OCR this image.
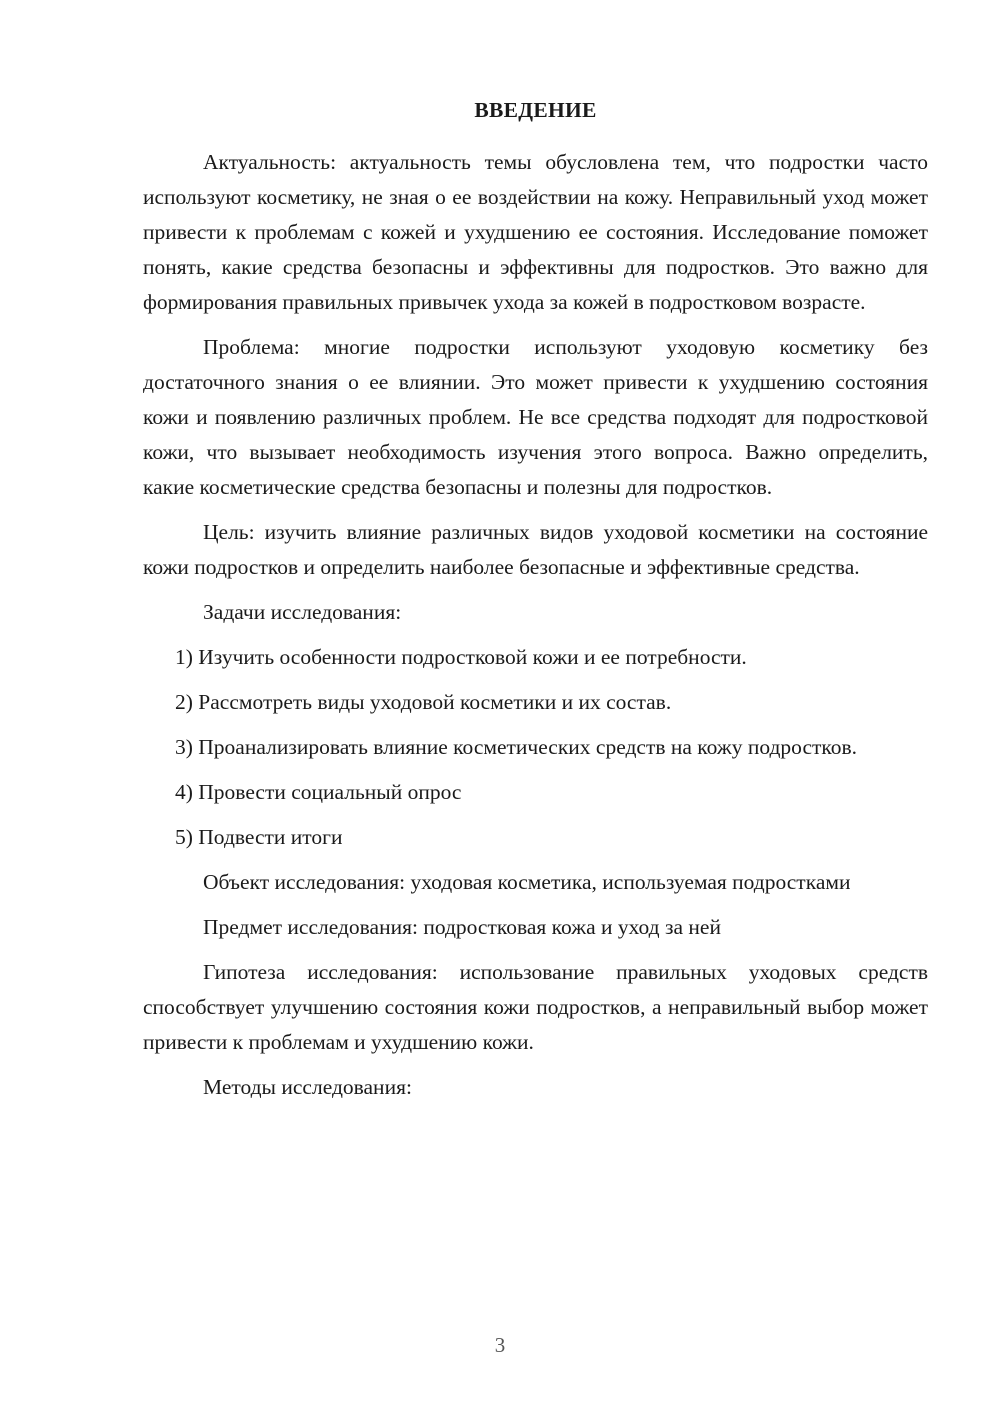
ВВЕДЕНИЕ

Актуальность: актуальность темы обусловлена тем, что подростки часто используют косметику, не зная о ее воздействии на кожу. Неправильный уход может привести к проблемам с кожей и ухудшению ее состояния. Исследование поможет понять, какие средства безопасны и эффективны для подростков. Это важно для формирования правильных привычек ухода за кожей в подростковом возрасте.

Проблема: многие подростки используют уходовую косметику без достаточного знания о ее влиянии. Это может привести к ухудшению состояния кожи и появлению различных проблем. Не все средства подходят для подростковой кожи, что вызывает необходимость изучения этого вопроса. Важно определить, какие косметические средства безопасны и полезны для подростков.

Цель: изучить влияние различных видов уходовой косметики на состояние кожи подростков и определить наиболее безопасные и эффективные средства.

Задачи исследования:

1) Изучить особенности подростковой кожи и ее потребности.

2) Рассмотреть виды уходовой косметики и их состав.

3) Проанализировать влияние косметических средств на кожу подростков.

4) Провести социальный опрос

5) Подвести итоги

Объект исследования: уходовая косметика, используемая подростками

Предмет исследования: подростковая кожа и уход за ней

Гипотеза исследования: использование правильных уходовых средств способствует улучшению состояния кожи подростков, а неправильный выбор может привести к проблемам и ухудшению кожи.

Методы исследования:

3
